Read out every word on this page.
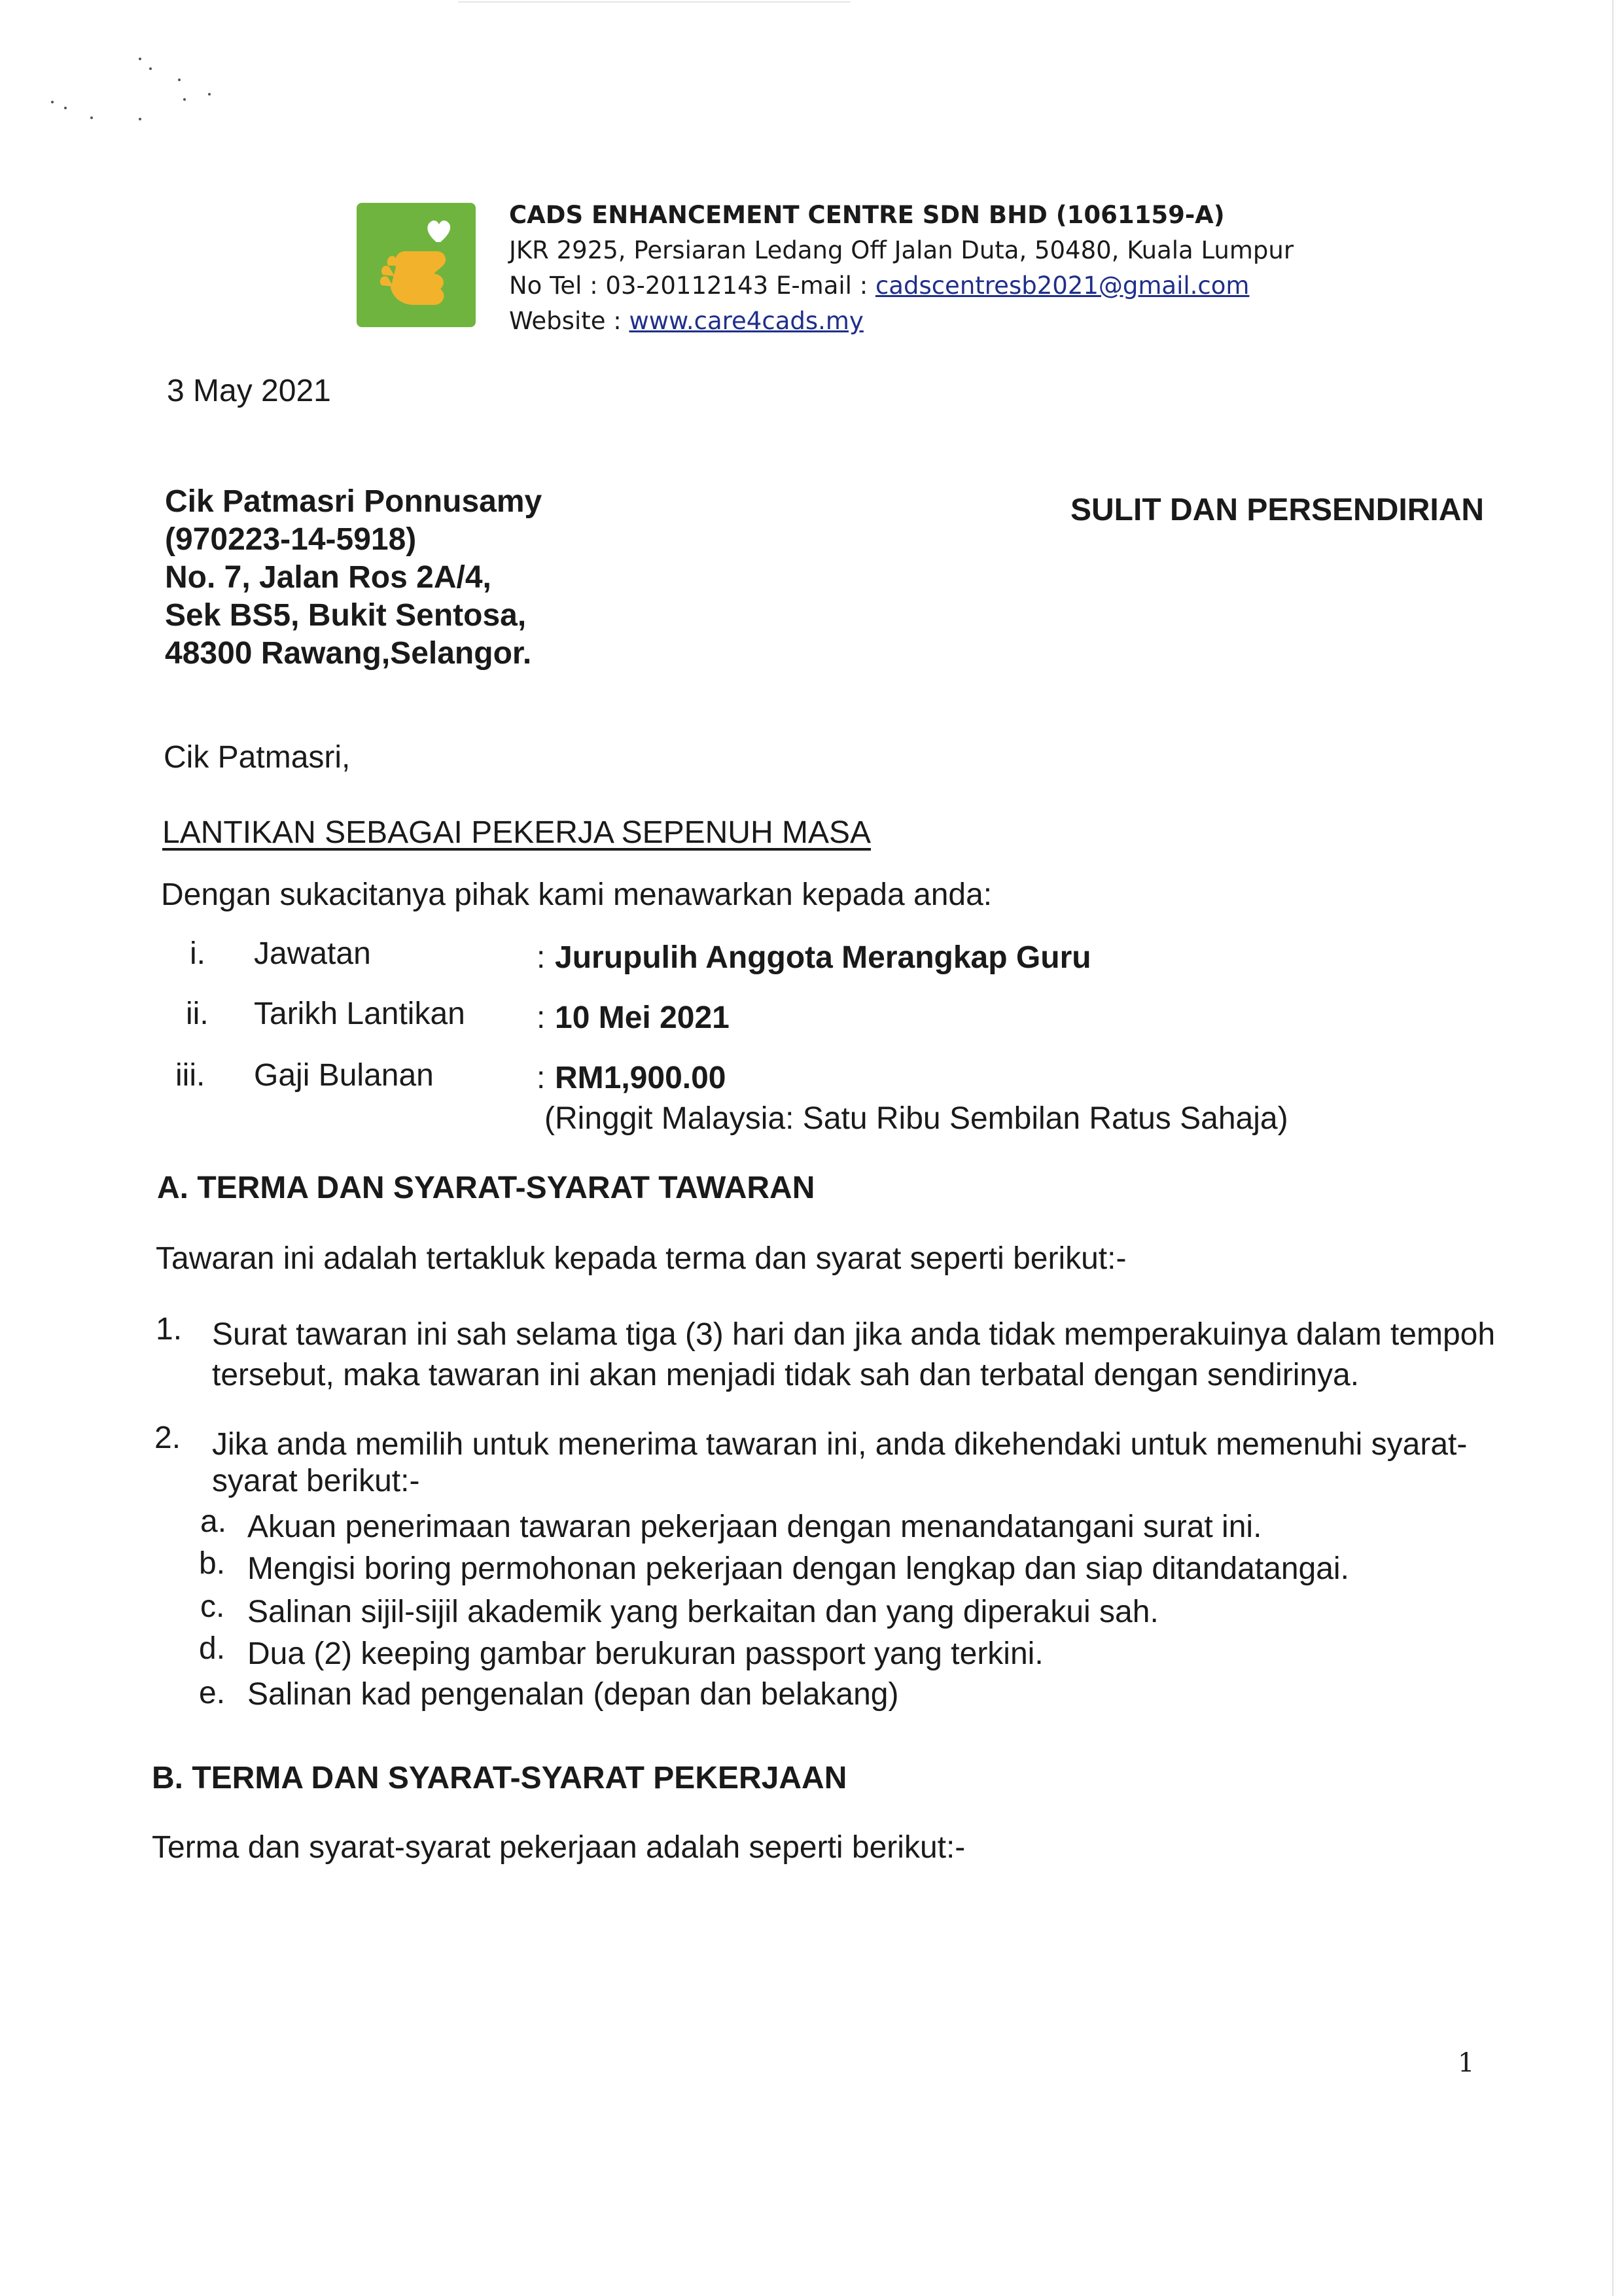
CADS ENHANCEMENT CENTRE SDN BHD (1061159-A)
JKR 2925, Persiaran Ledang Off Jalan Duta, 50480, Kuala Lumpur
No Tel : 03-20112143 E-mail : cadscentresb2021@gmail.com
Website : www.care4cads.my
3 May 2021
Cik Patmasri Ponnusamy
(970223-14-5918)
No. 7, Jalan Ros 2A/4,
Sek BS5, Bukit Sentosa,
48300 Rawang,Selangor.
SULIT DAN PERSENDIRIAN
Cik Patmasri,
LANTIKAN SEBAGAI PEKERJA SEPENUH MASA
Dengan sukacitanya pihak kami menawarkan kepada anda:
i. Jawatan	: Jurupulih Anggota Merangkap Guru
ii. Tarikh Lantikan : 10 Mei 2021
iii. Gaji Bulanan	: RM1,900.00
(Ringgit Malaysia: Satu Ribu Sembilan Ratus Sahaja)
A. TERMA DAN SYARAT-SYARAT TAWARAN
Tawaran ini adalah tertakluk kepada terma dan syarat seperti berikut:-
1. Surat tawaran ini sah selama tiga (3) hari dan jika anda tidak memperakuinya dalam tempoh
tersebut, maka tawaran ini akan menjadi tidak sah dan terbatal dengan sendirinya.
2. Jika anda memilih untuk menerima tawaran ini, anda dikehendaki untuk memenuhi syarat-
syarat berikut:-
a. Akuan penerimaan tawaran pekerjaan dengan menandatangani surat ini.
b. Mengisi boring permohonan pekerjaan dengan lengkap dan siap ditandatangai.
c. Salinan sijil-sijil akademik yang berkaitan dan yang diperakui sah.
d. Dua (2) keeping gambar berukuran passport yang terkini.
e. Salinan kad pengenalan (depan dan belakang)
B. TERMA DAN SYARAT-SYARAT PEKERJAAN
Terma dan syarat-syarat pekerjaan adalah seperti berikut:-
1
